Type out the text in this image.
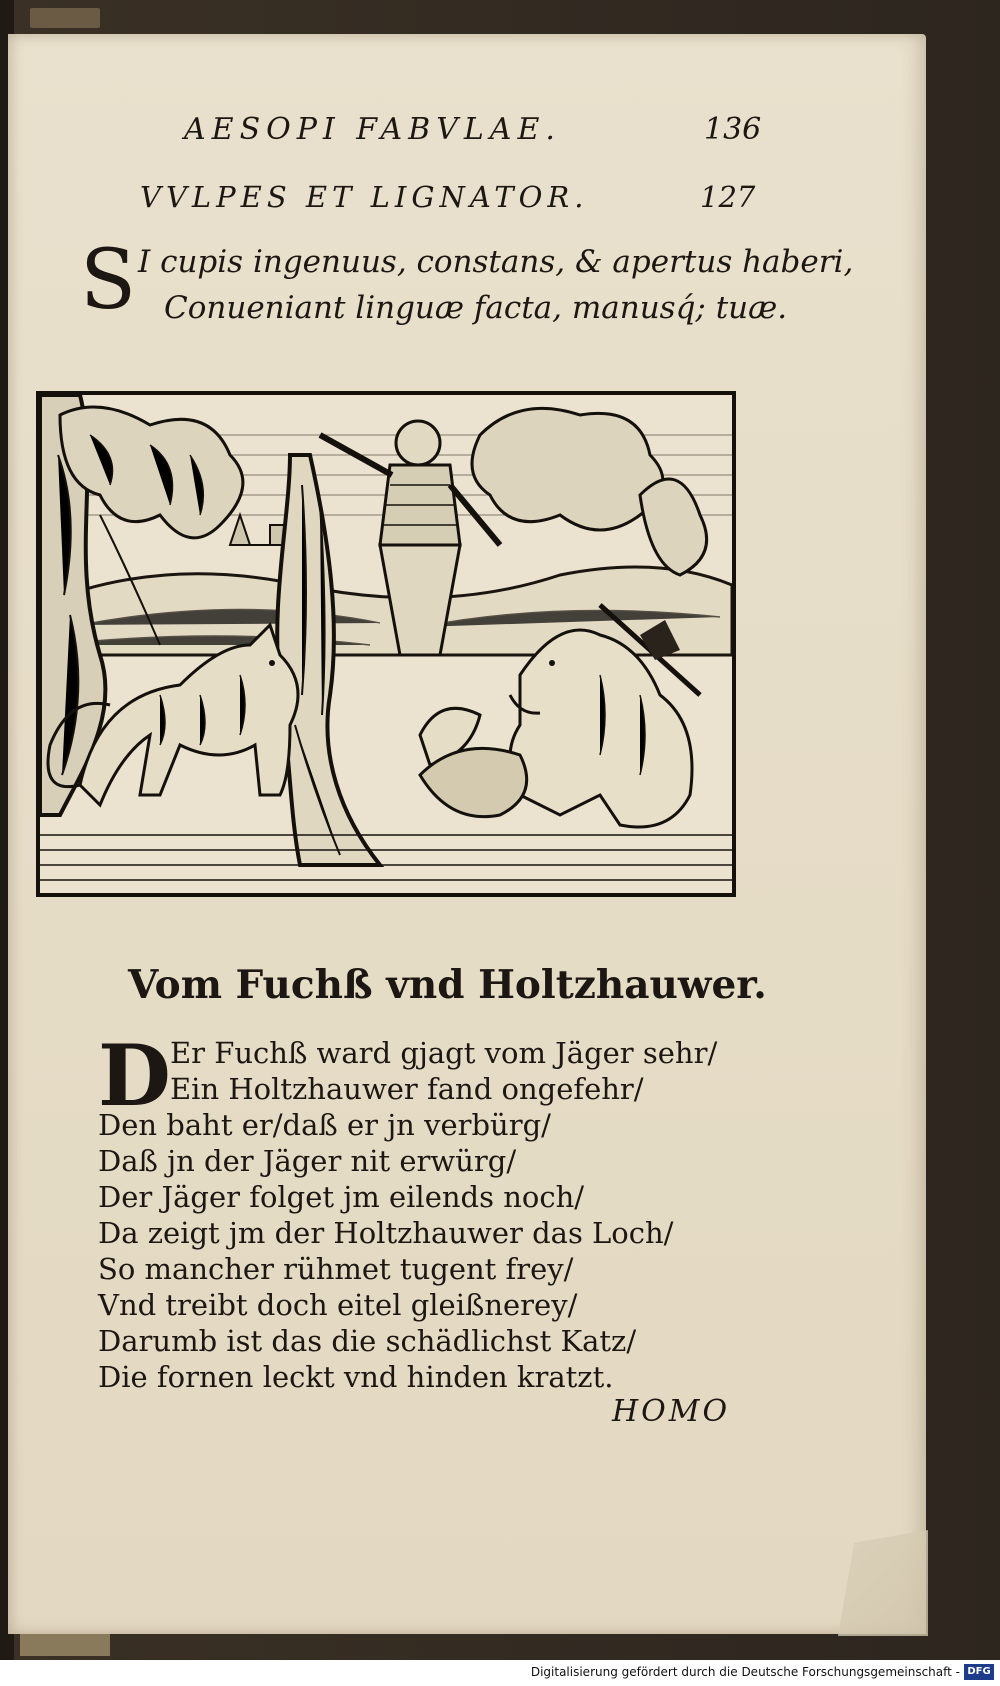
AESOPI FABVLAE.	136
VVLPES ET LIGNATOR.	127
S I cupis ingenuus, constans, & apertus haberi,
Conueniant linguæ facta, manusq́; tuæ.
Vom Fuchß vnd Holtzhauwer.
D Er Fuchß ward gjagt vom Jäger sehr/
Ein Holtzhauwer fand ongefehr/
Den baht er/daß er jn verbürg/
Daß jn der Jäger nit erwürg/
Der Jäger folget jm eilends noch/
Da zeigt jm der Holtzhauwer das Loch/
So mancher rühmet tugent frey/
Vnd treibt doch eitel gleißnerey/
Darumb ist das die schädlichst Katz/
Die fornen leckt vnd hinden kratzt.
HOMO
Digitalisierung gefördert durch die Deutsche Forschungsgemeinschaft - DFG
